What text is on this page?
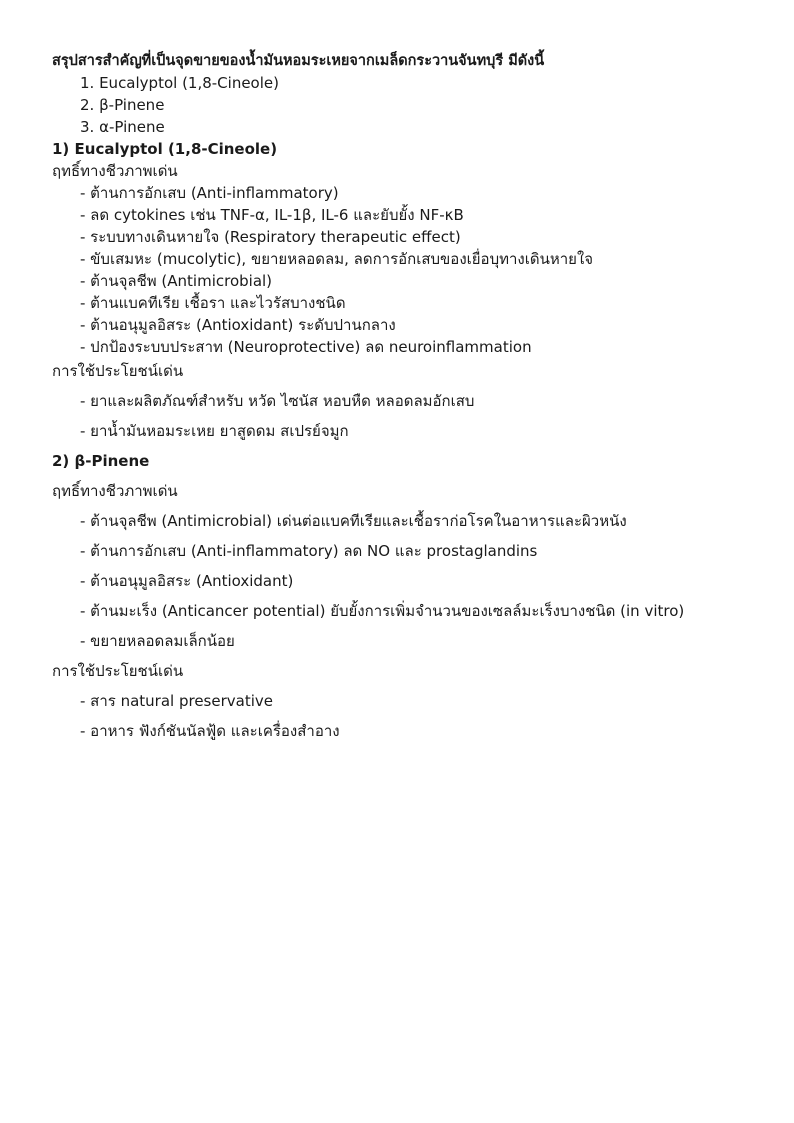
สรุปสารสำคัญที่เป็นจุดขายของน้ำมันหอมระเหยจากเมล็ดกระวานจันทบุรี มีดังนี้
1. Eucalyptol (1,8-Cineole)
2. β-Pinene
3. α-Pinene
1) Eucalyptol (1,8-Cineole)
ฤทธิ์ทางชีวภาพเด่น
- ต้านการอักเสบ (Anti-inflammatory)
- ลด cytokines เช่น TNF-α, IL-1β, IL-6 และยับยั้ง NF-κB
- ระบบทางเดินหายใจ (Respiratory therapeutic effect)
- ขับเสมหะ (mucolytic), ขยายหลอดลม, ลดการอักเสบของเยื่อบุทางเดินหายใจ
- ต้านจุลชีพ (Antimicrobial)
- ต้านแบคทีเรีย เชื้อรา และไวรัสบางชนิด
- ต้านอนุมูลอิสระ (Antioxidant) ระดับปานกลาง
- ปกป้องระบบประสาท (Neuroprotective) ลด neuroinflammation
การใช้ประโยชน์เด่น
- ยาและผลิตภัณฑ์สำหรับ หวัด ไซนัส หอบหืด หลอดลมอักเสบ
- ยาน้ำมันหอมระเหย ยาสูดดม สเปรย์จมูก
2) β-Pinene
ฤทธิ์ทางชีวภาพเด่น
- ต้านจุลชีพ (Antimicrobial) เด่นต่อแบคทีเรียและเชื้อราก่อโรคในอาหารและผิวหนัง
- ต้านการอักเสบ (Anti-inflammatory) ลด NO และ prostaglandins
- ต้านอนุมูลอิสระ (Antioxidant)
- ต้านมะเร็ง (Anticancer potential) ยับยั้งการเพิ่มจำนวนของเซลล์มะเร็งบางชนิด (in vitro)
- ขยายหลอดลมเล็กน้อย
การใช้ประโยชน์เด่น
- สาร natural preservative
- อาหาร ฟังก์ชันนัลฟู้ด และเครื่องสำอาง
